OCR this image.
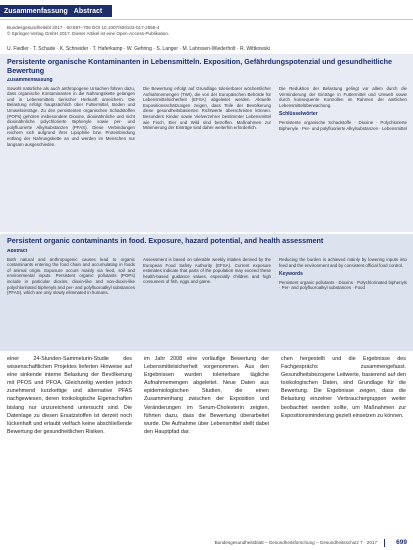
Zusammenfassung Abstract
Bundesgesundheitsbl 2017 · 60:697–706 DOI 10.1007/s00103-017-2558-4
© Springer-Verlag GmbH 2017. Dieser Artikel ist eine Open-Access-Publikation.
U. Fiedler · T. Schade · K. Schneider · T. Haferkamp · W. Gehring · S. Langer · M. Lahrssen-Wiederholt · R. Wittkowski
Persistente organische Kontaminanten in Lebensmitteln. Exposition, Gefährdungspotenzial und gesundheitliche Bewertung
Zusammenfassung

Sowohl natürliche als auch anthropogene Ursachen führen dazu, dass organische Kontaminanten in die Nahrungskette gelangen und in Lebensmitteln tierischer Herkunft anreichern. Die Belastung erfolgt hauptsächlich über Futtermittel, Boden und Umwelteinträge. Zu den persistenten organischen Schadstoffen (POPs) gehören insbesondere Dioxine, dioxinähnliche und nicht dioxinähnliche polychlorierte Biphenyle sowie per- und polyfluorierte Alkylsubstanzen (PFAS). Diese Verbindungen reichern sich aufgrund ihrer Lipophilie bzw. Proteinbindung entlang der Nahrungskette an und werden im Menschen nur langsam ausgeschieden.

Die Bewertung erfolgt auf Grundlage tolerierbarer wöchentlicher Aufnahmemengen (TWI), die von der Europäischen Behörde für Lebensmittelsicherheit (EFSA) abgeleitet werden. Aktuelle Expositionsschätzungen zeigen, dass Teile der Bevölkerung diese gesundheitsbasierten Richtwerte überschreiten können. Besonders Kinder sowie Vielverzehrer bestimmter Lebensmittel wie Fisch, Eier und Wild sind betroffen. Maßnahmen zur Minimierung der Einträge sind daher weiterhin erforderlich.

Die Reduktion der Belastung gelingt vor allem durch die Verminderung der Einträge in Futtermittel und Umwelt sowie durch konsequente Kontrollen im Rahmen der amtlichen Lebensmittelüberwachung.

Schlüsselwörter

Persistente organische Schadstoffe · Dioxine · Polychlorierte Biphenyle · Per- und polyfluorierte Alkylsubstanzen · Lebensmittel

Persistent organic contaminants in food. Exposure, hazard potential, and health assessment
Abstract

Both natural and anthropogenic causes lead to organic contaminants entering the food chain and accumulating in foods of animal origin. Exposure occurs mainly via feed, soil and environmental inputs. Persistent organic pollutants (POPs) include in particular dioxins, dioxin-like and non-dioxin-like polychlorinated biphenyls and per- and polyfluoroalkyl substances (PFAS), which are only slowly eliminated in humans.

Assessment is based on tolerable weekly intakes derived by the European Food Safety Authority (EFSA). Current exposure estimates indicate that parts of the population may exceed these health-based guidance values, especially children and high consumers of fish, eggs and game.

Reducing the burden is achieved mainly by lowering inputs into feed and the environment and by consistent official food control.

Keywords

Persistent organic pollutants · Dioxins · Polychlorinated biphenyls · Per- and polyfluoroalkyl substances · Food

einer 24-Stunden-Sammelurin-Studie des wissenschaftlichen Projektes lieferten Hinweise auf eine sinkende interne Belastung der Bevölkerung mit PFOS und PFOA. Gleichzeitig werden jedoch zunehmend kurzkettige und alternative PFAS nachgewiesen, deren toxikologische Eigenschaften bislang nur unzureichend untersucht sind. Die Datenlage zu diesen Ersatzstoffen ist derzeit noch lückenhaft und erlaubt vielfach keine abschließende Bewertung der gesundheitlichen Risiken.
im Jahr 2008 eine vorläufige Bewertung der Lebensmittelsicherheit vorgenommen. Aus den Ergebnissen wurden tolerierbare tägliche Aufnahmemengen abgeleitet. Neue Daten aus epidemiologischen Studien, die einen Zusammenhang zwischen der Exposition und Veränderungen im Serum-Cholesterin zeigten, führten dazu, dass die Bewertung überarbeitet wurde. Die Aufnahme über Lebensmittel stellt dabei den Hauptpfad dar.
chen hergestellt und die Ergebnisse des Fachgesprächs zusammengefasst. Gesundheitsbezogene Leitwerte, basierend auf den toxikologischen Daten, sind Grundlage für die Bewertung. Die Ergebnisse zeigen, dass die Belastung einzelner Verbrauchergruppen weiter beobachtet werden sollte, um Maßnahmen zur Expositionsminderung gezielt einsetzen zu können.
Bundesgesundheitsblatt – Gesundheitsforschung – Gesundheitsschutz 7 · 2017	699
